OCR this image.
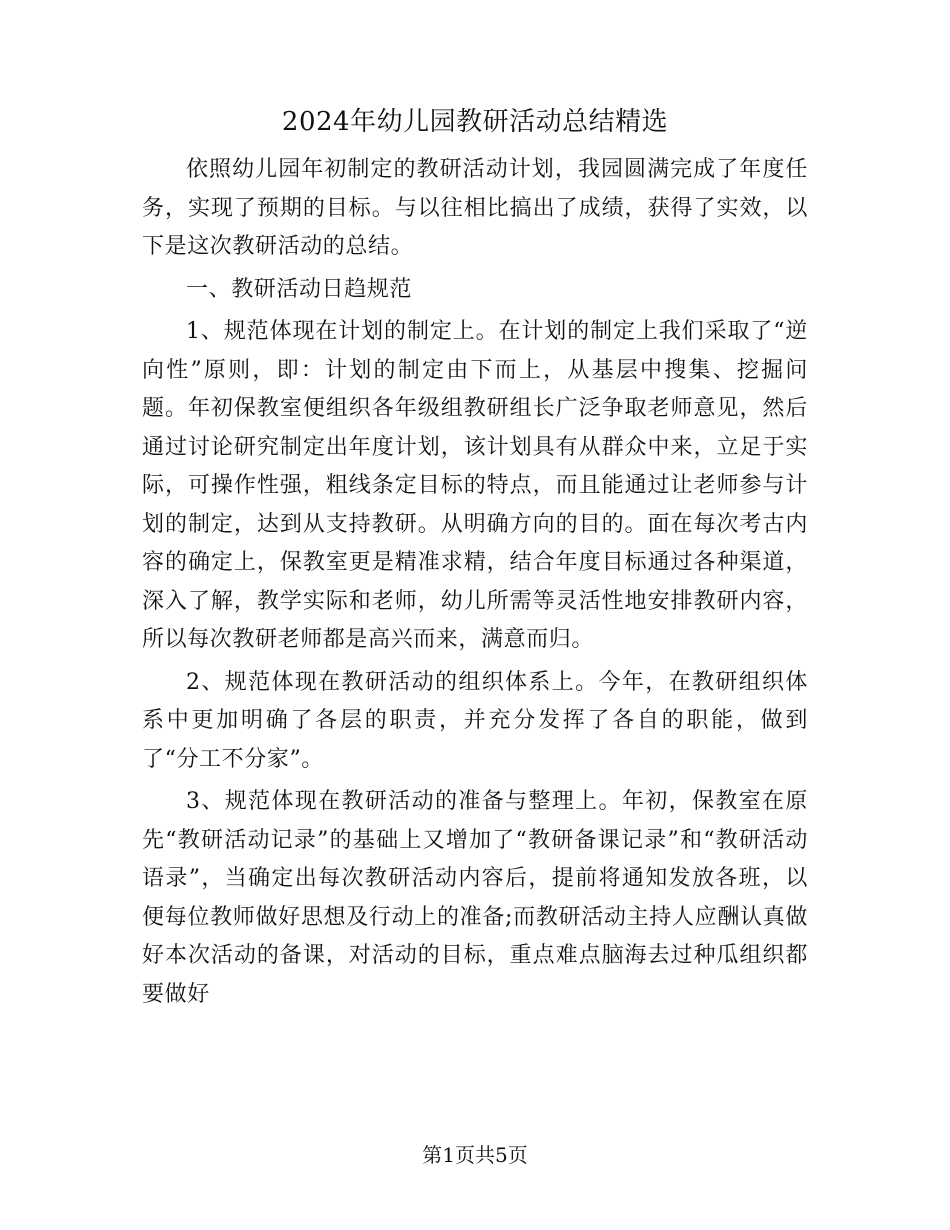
2024年幼儿园教研活动总结精选

依照幼儿园年初制定的教研活动计划，我园圆满完成了年度任务，实现了预期的目标。与以往相比搞出了成绩，获得了实效，以下是这次教研活动的总结。

一、教研活动日趋规范

1、规范体现在计划的制定上。在计划的制定上我们采取了“逆向性”原则，即：计划的制定由下而上，从基层中搜集、挖掘问题。年初保教室便组织各年级组教研组长广泛争取老师意见，然后通过讨论研究制定出年度计划，该计划具有从群众中来，立足于实际，可操作性强，粗线条定目标的特点，而且能通过让老师参与计划的制定，达到从支持教研。从明确方向的目的。面在每次考古内容的确定上，保教室更是精准求精，结合年度目标通过各种渠道，深入了解，教学实际和老师，幼儿所需等灵活性地安排教研内容，所以每次教研老师都是高兴而来，满意而归。

2、规范体现在教研活动的组织体系上。今年，在教研组织体系中更加明确了各层的职责，并充分发挥了各自的职能，做到了“分工不分家”。

3、规范体现在教研活动的准备与整理上。年初，保教室在原先“教研活动记录”的基础上又增加了“教研备课记录”和“教研活动语录”，当确定出每次教研活动内容后，提前将通知发放各班，以便每位教师做好思想及行动上的准备;而教研活动主持人应酬认真做好本次活动的备课，对活动的目标，重点难点脑海去过种瓜组织都要做好

第1页共5页
